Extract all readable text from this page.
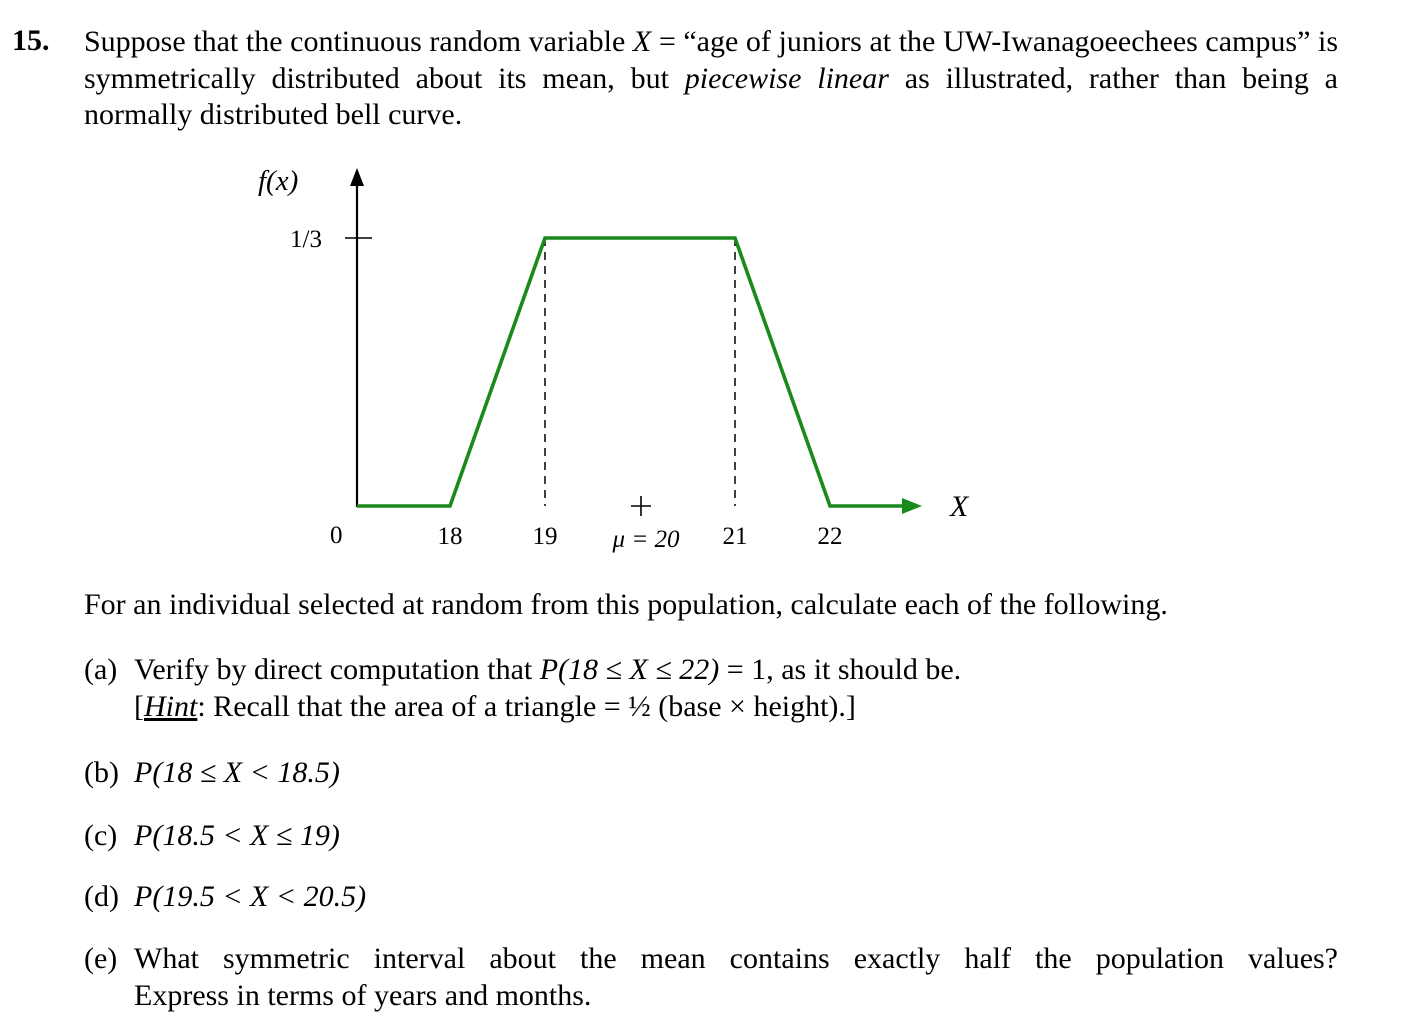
15. Suppose that the continuous random variable X = “age of juniors at the UW-Iwanagoeechees campus” is symmetrically distributed about its mean, but piecewise linear as illustrated, rather than being a normally distributed bell curve.
f(x)
1/3
X
0	18	19 μ = 20 21	22
For an individual selected at random from this population, calculate each of the following.
(a) Verify by direct computation that P(18 ≤ X ≤ 22) = 1, as it should be.
[Hint: Recall that the area of a triangle = ½ (base × height).]
(b) P(18 ≤ X < 18.5)
(c) P(18.5 < X ≤ 19)
(d) P(19.5 < X < 20.5)
(e) What symmetric interval about the mean contains exactly half the population values?
Express in terms of years and months.
